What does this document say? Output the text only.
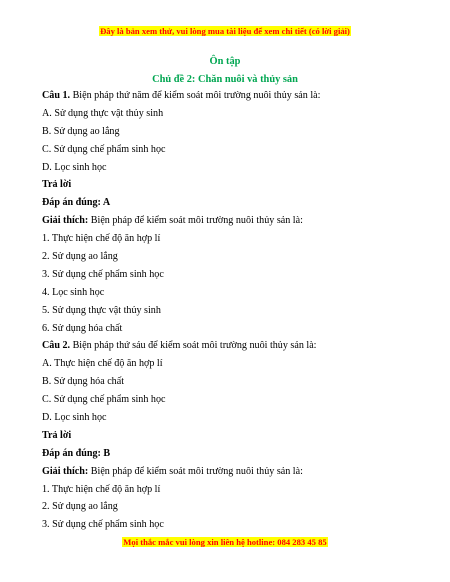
Đây là bản xem thử, vui lòng mua tài liệu để xem chi tiết (có lời giải)
Ôn tập
Chủ đề 2: Chăn nuôi và thủy sản
Câu 1. Biện pháp thứ năm để kiểm soát môi trường nuôi thủy sản là:
A. Sử dụng thực vật thủy sinh
B. Sử dụng ao lắng
C. Sử dụng chế phẩm sinh học
D. Lọc sinh học
Trả lời
Đáp án đúng: A
Giải thích: Biện pháp để kiểm soát môi trường nuôi thủy sản là:
1. Thực hiện chế độ ăn hợp lí
2. Sử dụng ao lắng
3. Sử dụng chế phẩm sinh học
4. Lọc sinh học
5. Sử dụng thực vật thủy sinh
6. Sử dụng hóa chất
Câu 2. Biện pháp thứ sáu để kiểm soát môi trường nuôi thủy sản là:
A. Thực hiện chế độ ăn hợp lí
B. Sử dụng hóa chất
C. Sử dụng chế phẩm sinh học
D. Lọc sinh học
Trả lời
Đáp án đúng: B
Giải thích: Biện pháp để kiểm soát môi trường nuôi thủy sản là:
1. Thực hiện chế độ ăn hợp lí
2. Sử dụng ao lắng
3. Sử dụng chế phẩm sinh học
Mọi thắc mắc vui lòng xin liên hệ hotline: 084 283 45 85
